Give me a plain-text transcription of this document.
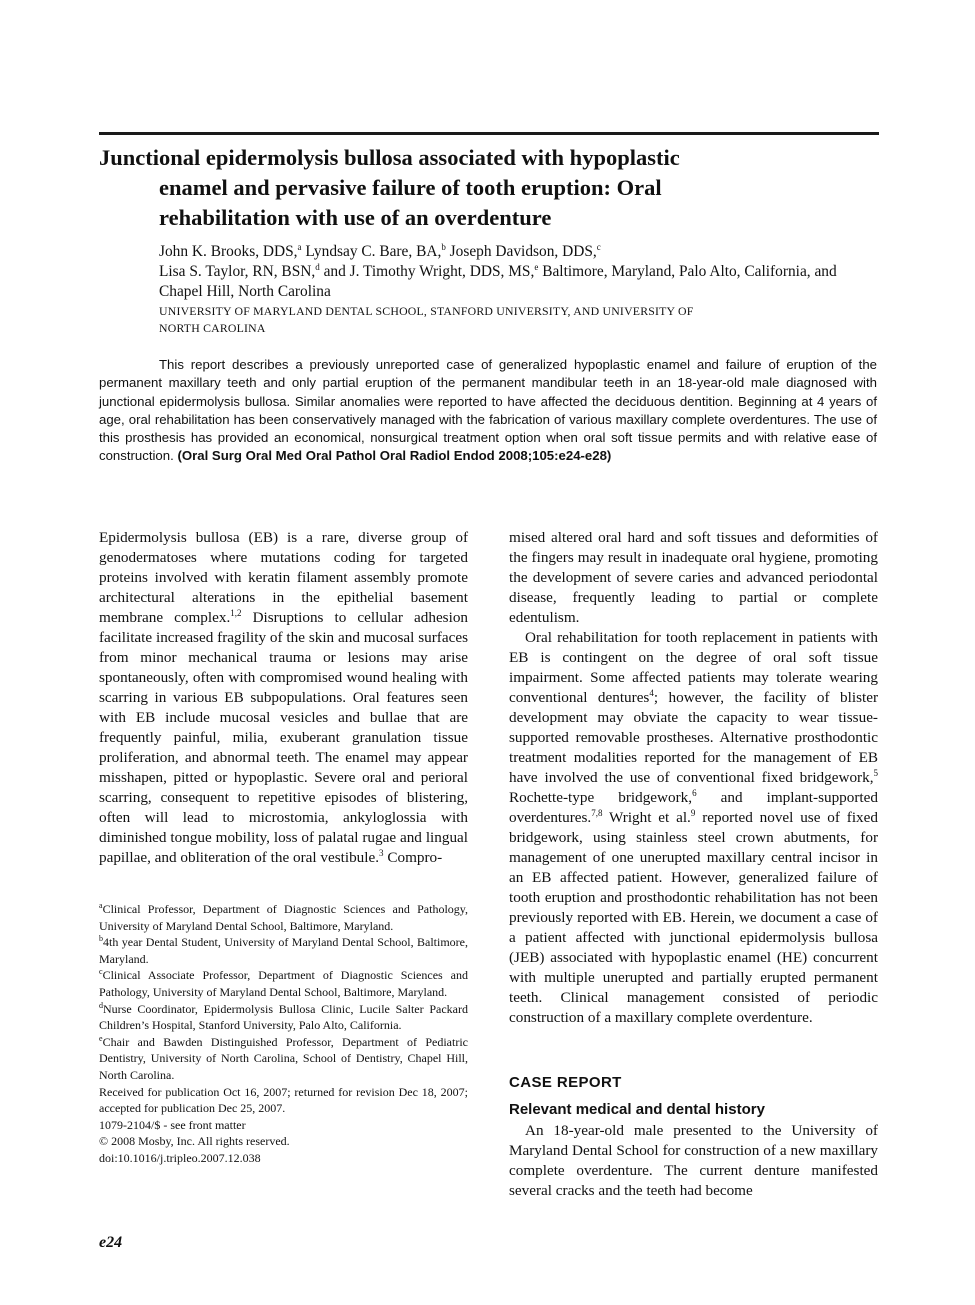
Junctional epidermolysis bullosa associated with hypoplastic
enamel and pervasive failure of tooth eruption: Oral
rehabilitation with use of an overdenture
John K. Brooks, DDS,$^a$ Lyndsay C. Bare, BA,$^b$ Joseph Davidson, DDS,$^c$
Lisa S. Taylor, RN, BSN,$^d$ and J. Timothy Wright, DDS, MS,$^e$ Baltimore, Maryland, Palo Alto, California, and Chapel Hill, North Carolina
UNIVERSITY OF MARYLAND DENTAL SCHOOL, STANFORD UNIVERSITY, AND UNIVERSITY OF
NORTH CAROLINA

This report describes a previously unreported case of generalized hypoplastic enamel and failure of eruption of the permanent maxillary teeth and only partial eruption of the permanent mandibular teeth in an 18-year-old male diagnosed with junctional epidermolysis bullosa. Similar anomalies were reported to have affected the deciduous dentition. Beginning at 4 years of age, oral rehabilitation has been conservatively managed with the fabrication of various maxillary complete overdentures. The use of this prosthesis has provided an economical, nonsurgical treatment option when oral soft tissue permits and with relative ease of construction. (Oral Surg Oral Med Oral Pathol Oral Radiol Endod 2008;105:e24-e28)

Epidermolysis bullosa (EB) is a rare, diverse group of genodermatoses where mutations coding for targeted proteins involved with keratin filament assembly promote architectural alterations in the epithelial basement membrane complex.$^{1,2}$ Disruptions to cellular adhesion facilitate increased fragility of the skin and mucosal surfaces from minor mechanical trauma or lesions may arise spontaneously, often with compromised wound healing with scarring in various EB subpopulations. Oral features seen with EB include mucosal vesicles and bullae that are frequently painful, milia, exuberant granulation tissue proliferation, and abnormal teeth. The enamel may appear misshapen, pitted or hypoplastic. Severe oral and perioral scarring, consequent to repetitive episodes of blistering, often will lead to microstomia, ankyloglossia with diminished tongue mobility, loss of palatal rugae and lingual papillae, and obliteration of the oral vestibule.$^3$ Compro-

$^a$Clinical Professor, Department of Diagnostic Sciences and Pathology, University of Maryland Dental School, Baltimore, Maryland.

$^b$4th year Dental Student, University of Maryland Dental School, Baltimore, Maryland.

$^c$Clinical Associate Professor, Department of Diagnostic Sciences and Pathology, University of Maryland Dental School, Baltimore, Maryland.

$^d$Nurse Coordinator, Epidermolysis Bullosa Clinic, Lucile Salter Packard Children’s Hospital, Stanford University, Palo Alto, California.

$^e$Chair and Bawden Distinguished Professor, Department of Pediatric Dentistry, University of North Carolina, School of Dentistry, Chapel Hill, North Carolina.

Received for publication Oct 16, 2007; returned for revision Dec 18, 2007; accepted for publication Dec 25, 2007.

1079-2104/$ - see front matter

© 2008 Mosby, Inc. All rights reserved.

doi:10.1016/j.tripleo.2007.12.038

mised altered oral hard and soft tissues and deformities of the fingers may result in inadequate oral hygiene, promoting the development of severe caries and advanced periodontal disease, frequently leading to partial or complete edentulism.

Oral rehabilitation for tooth replacement in patients with EB is contingent on the degree of oral soft tissue impairment. Some affected patients may tolerate wearing conventional dentures$^4$; however, the facility of blister development may obviate the capacity to wear tissue-supported removable prostheses. Alternative prosthodontic treatment modalities reported for the management of EB have involved the use of conventional fixed bridgework,$^5$ Rochette-type bridgework,$^6$ and implant-supported overdentures.$^{7,8}$ Wright et al.$^9$ reported novel use of fixed bridgework, using stainless steel crown abutments, for management of one unerupted maxillary central incisor in an EB affected patient. However, generalized failure of tooth eruption and prosthodontic rehabilitation has not been previously reported with EB. Herein, we document a case of a patient affected with junctional epidermolysis bullosa (JEB) associated with hypoplastic enamel (HE) concurrent with multiple unerupted and partially erupted permanent teeth. Clinical management consisted of periodic construction of a maxillary complete overdenture.

CASE REPORT
Relevant medical and dental history

An 18-year-old male presented to the University of Maryland Dental School for construction of a new maxillary complete overdenture. The current denture manifested several cracks and the teeth had become

e24
